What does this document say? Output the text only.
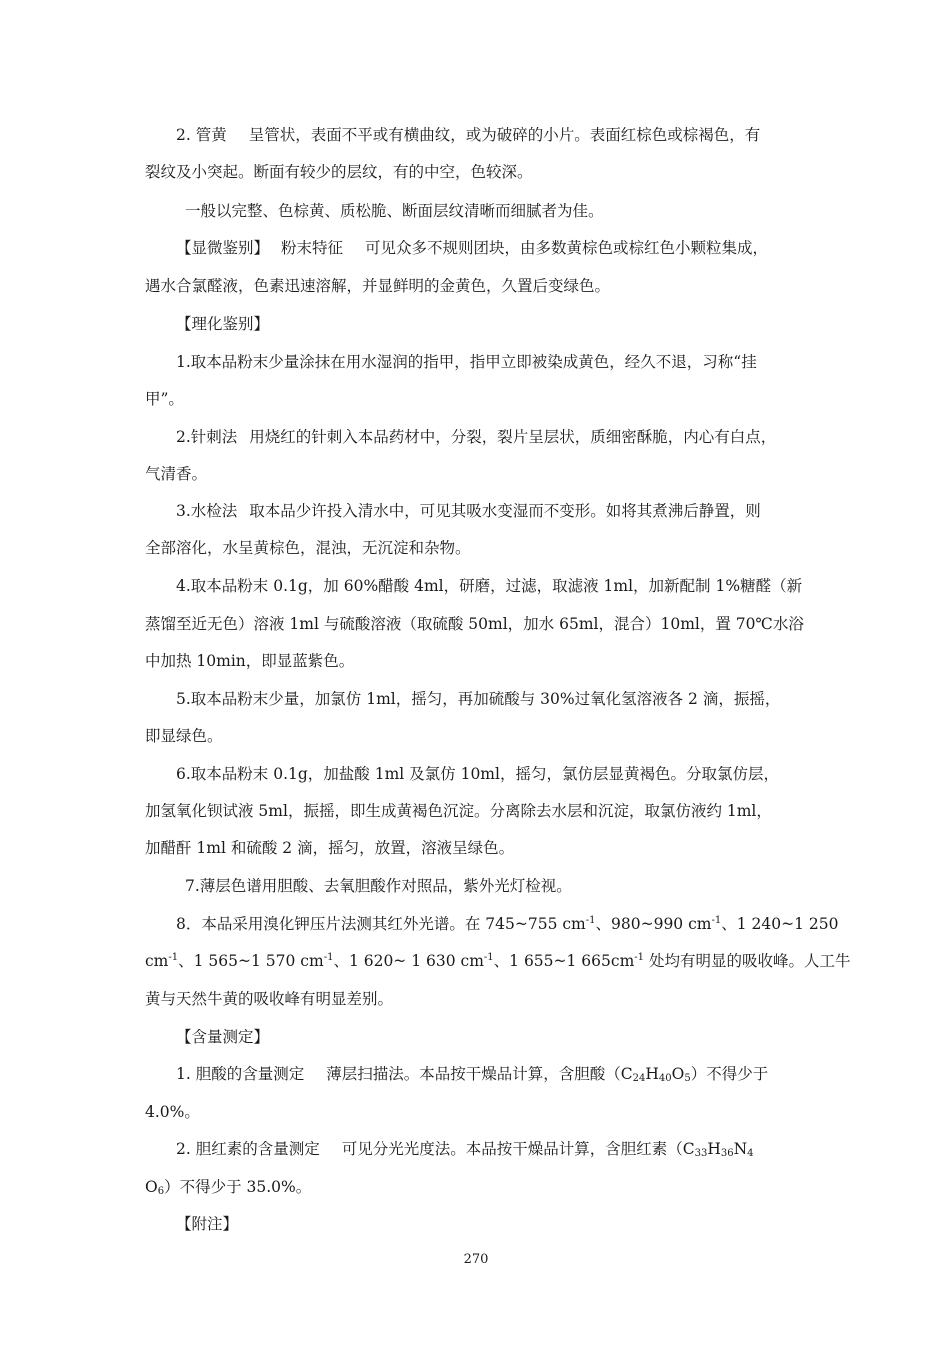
2. 管黄 呈管状，表面不平或有横曲纹，或为破碎的小片。表面红棕色或棕褐色，有
裂纹及小突起。断面有较少的层纹，有的中空，色较深。
一般以完整、色棕黄、质松脆、断面层纹清晰而细腻者为佳。
【显微鉴别】 粉末特征 可见众多不规则团块，由多数黄棕色或棕红色小颗粒集成，
遇水合氯醛液，色素迅速溶解，并显鲜明的金黄色，久置后变绿色。
【理化鉴别】
1.取本品粉末少量涂抹在用水湿润的指甲，指甲立即被染成黄色，经久不退，习称“挂
甲”。
2.针刺法 用烧红的针刺入本品药材中，分裂，裂片呈层状，质细密酥脆，内心有白点，
气清香。
3.水检法 取本品少许投入清水中，可见其吸水变湿而不变形。如将其煮沸后静置，则
全部溶化，水呈黄棕色，混浊，无沉淀和杂物。
4.取本品粉末 0.1g，加 60%醋酸 4ml，研磨，过滤，取滤液 1ml，加新配制 1%糖醛（新
蒸馏至近无色）溶液 1ml 与硫酸溶液（取硫酸 50ml，加水 65ml，混合）10ml，置 70℃水浴
中加热 10min，即显蓝紫色。
5.取本品粉末少量，加氯仿 1ml，摇匀，再加硫酸与 30%过氧化氢溶液各 2 滴，振摇，
即显绿色。
6.取本品粉末 0.1g，加盐酸 1ml 及氯仿 10ml，摇匀，氯仿层显黄褐色。分取氯仿层，
加氢氧化钡试液 5ml，振摇，即生成黄褐色沉淀。分离除去水层和沉淀，取氯仿液约 1ml，
加醋酐 1ml 和硫酸 2 滴，摇匀，放置，溶液呈绿色。
7.薄层色谱用胆酸、去氧胆酸作对照品，紫外光灯检视。
8．本品采用溴化钾压片法测其红外光谱。在 745~755 $cm^{-1}$、980~990 $cm^{-1}$、1 240~1 250
$cm^{-1}$、1 565~1 570 $cm^{-1}$、1 620~ 1 630 $cm^{-1}$、1 655~1 $665cm^{-1}$ 处均有明显的吸收峰。人工牛
黄与天然牛黄的吸收峰有明显差别。
【含量测定】
1. 胆酸的含量测定 薄层扫描法。本品按干燥品计算，含胆酸$(C_{24}H_{40}O_5)$不得少于
4.0%。
2. 胆红素的含量测定 可见分光光度法。本品按干燥品计算，含胆红素（$C_{33}H_{36}N_4$
$O_6$）不得少于 35.0%。
【附注】
270
